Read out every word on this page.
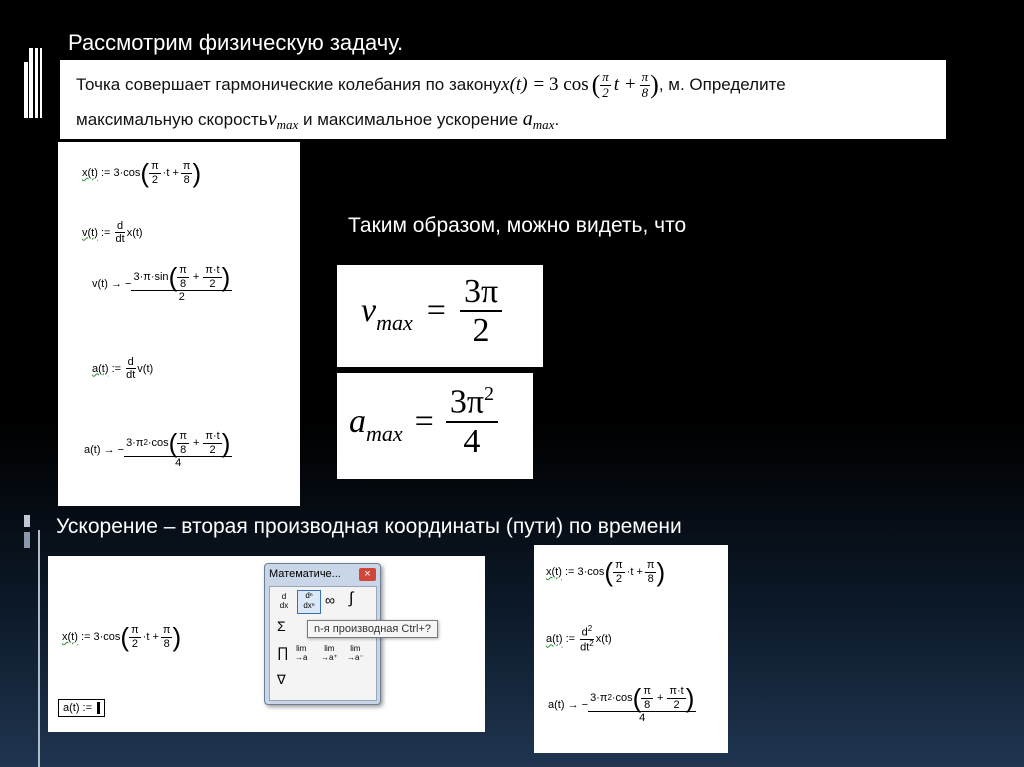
Рассмотрим физическую задачу.
Точка совершает гармонические колебания по закону x(t) = 3 cos ( $\frac{\pi}{2}$ $t + \frac{\pi}{8}$ ) , м. Определите
максимальную скорость v max и максимальное ускорение a max .
x(t)
:=
3·cos ( $\frac{\pi}{2} \cdot t + \frac{\pi}{8}$ )
v(t)
:=
$\frac{d}{dt} x(t)$
v(t)
→
−
3·π·sin ( $\frac{\pi}{8} + \frac{\pi\cdot t}{2}$ )
2
a(t)
:=
$\frac{d}{dt} v(t)$
a(t)
→
−
3·π 2 ·cos ( $\frac{\pi}{8} + \frac{\pi\cdot t}{2}$ )
4
Таким образом, можно видеть, что
v $\max = \frac{3\pi}{2}$
a $\max = \frac{3\pi^2}{4}$
Ускорение – вторая производная координаты (пути) по времени
x(t)
:=
3·cos ( $\frac{\pi}{2} \cdot t + \frac{\pi}{8}$ )
a(t) :=
Математиче...	×
d
dx
dⁿ
dxⁿ ∞ ∫
Σ
∏ lim
→a
lim
→a⁺
lim
→a⁻
∇
n-я производная Ctrl+?
x(t)
:=
3·cos ( $\frac{\pi}{2} \cdot t + \frac{\pi}{8}$ )
a(t)
:=
$\frac{d^2}{dt^2} x(t)$
a(t)
→
−
3·π 2 ·cos ( $\frac{\pi}{8} + \frac{\pi\cdot t}{2}$ )
4
